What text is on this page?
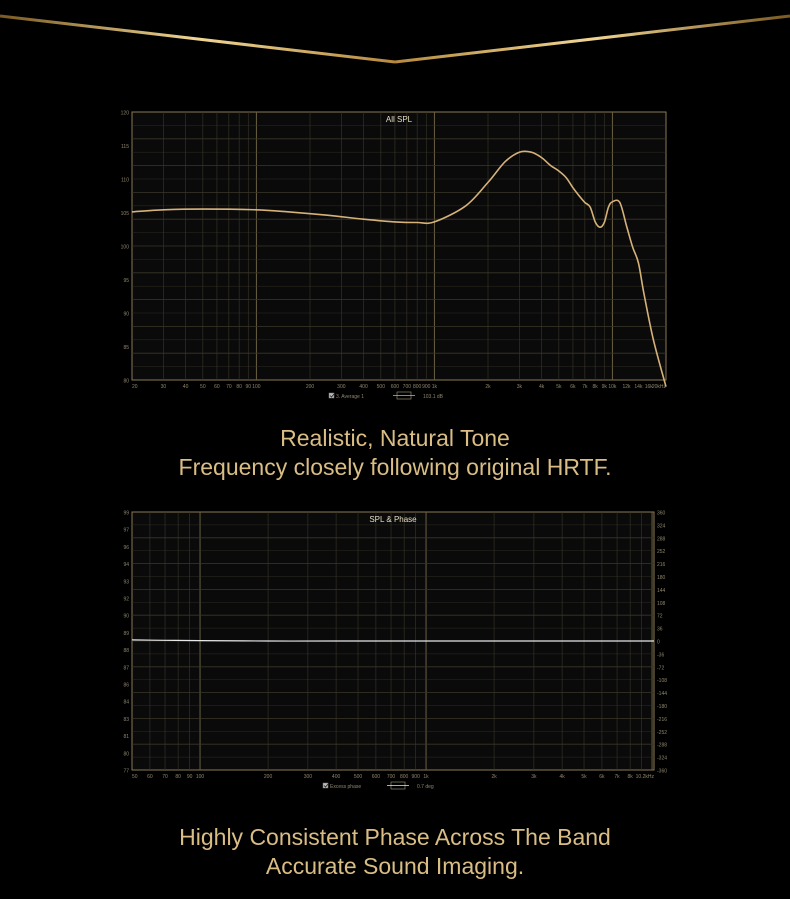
All SPL
120
115
110
105
100
95
90
85
80
20	30	40 50 60 70 80 90 100	200	300	400 500 600 700 800 900 1k	2k	3k	4k 5k 6k 7k 8k 9k 10k 12k 14k 16k 20kHz
3. Average 1	103.1 dB
Realistic, Natural Tone
Frequency closely following original HRTF.
SPL & Phase
99
97
96
94
93
92
90
89
88
87
86
84
83
81
80
77
360
324
288
252
216
180
144
108
72
36
0
-36
-72
-108
-144
-180
-216
-252
-288
-324
-360
50 60 70 80 90 100	200	300	400	500 600 700 800 900 1k	2k	3k	4k	5k	6k 7k 8k 10.2kHz
Excess phase	0.7 deg
Highly Consistent Phase Across The Band
Accurate Sound Imaging.
